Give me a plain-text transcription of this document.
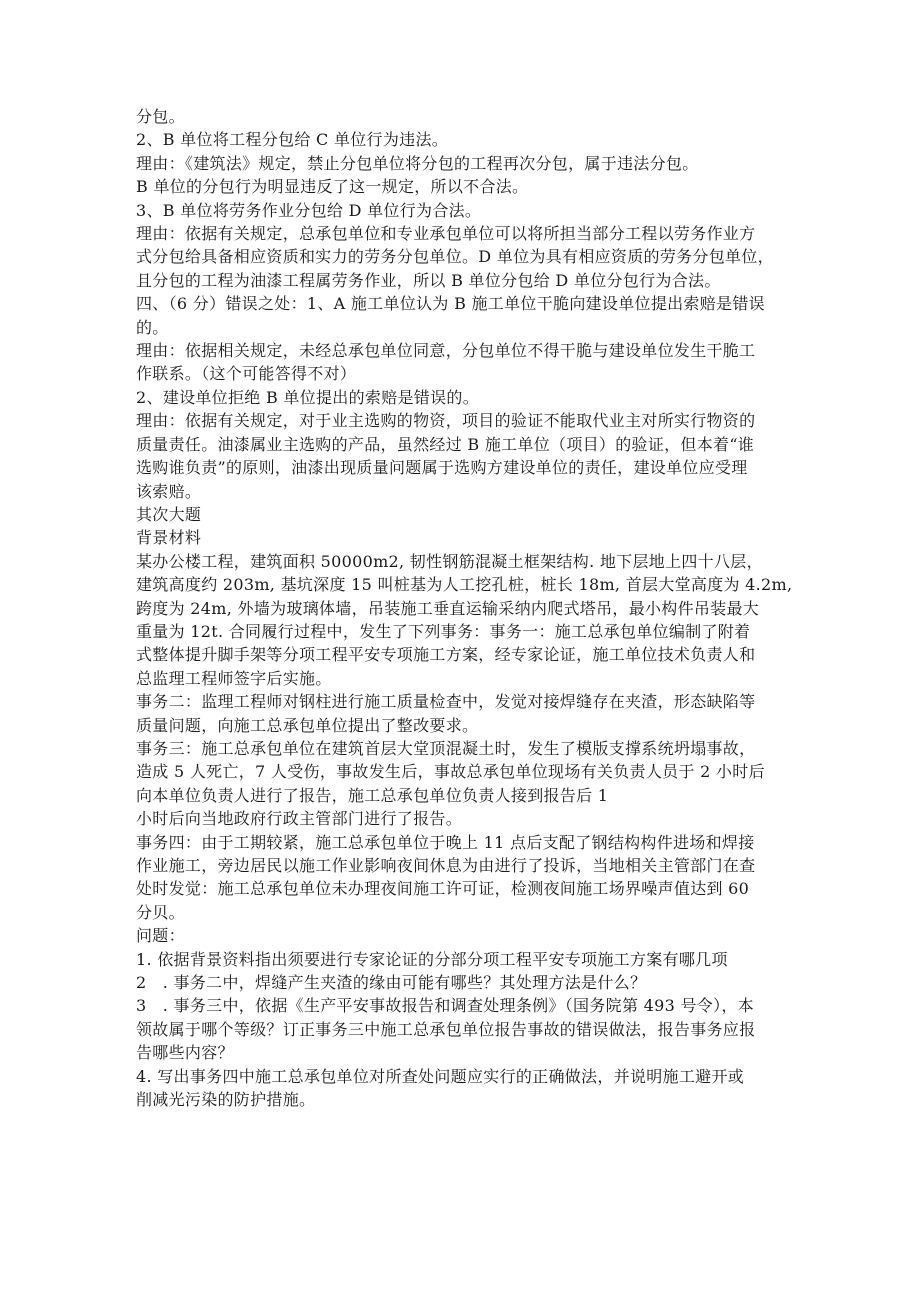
分包。
2、B 单位将工程分包给 C 单位行为违法。
理由：《建筑法》规定，禁止分包单位将分包的工程再次分包，属于违法分包。
B 单位的分包行为明显违反了这一规定，所以不合法。
3、B 单位将劳务作业分包给 D 单位行为合法。
理由：依据有关规定，总承包单位和专业承包单位可以将所担当部分工程以劳务作业方
式分包给具备相应资质和实力的劳务分包单位。D 单位为具有相应资质的劳务分包单位，
且分包的工程为油漆工程属劳务作业，所以 B 单位分包给 D 单位分包行为合法。
四、（6 分）错误之处：1、A 施工单位认为 B 施工单位干脆向建设单位提出索赔是错误
的。
理由：依据相关规定，未经总承包单位同意，分包单位不得干脆与建设单位发生干脆工
作联系。（这个可能答得不对）
2、建设单位拒绝 B 单位提出的索赔是错误的。
理由：依据有关规定，对于业主选购的物资，项目的验证不能取代业主对所实行物资的
质量责任。油漆属业主选购的产品，虽然经过 B 施工单位（项目）的验证，但本着“谁
选购谁负责”的原则，油漆出现质量问题属于选购方建设单位的责任，建设单位应受理
该索赔。
其次大题
背景材料
某办公楼工程，建筑面积 50000m2, 韧性钢筋混凝土框架结构. 地下层地上四十八层，
建筑高度约 203m, 基坑深度 15 叫桩基为人工挖孔桩，桩长 18m, 首层大堂高度为 4.2m,
跨度为 24m, 外墙为玻璃体墙，吊装施工垂直运输采纳内爬式塔吊，最小构件吊装最大
重量为 12t. 合同履行过程中，发生了下列事务：事务一：施工总承包单位编制了附着
式整体提升脚手架等分项工程平安专项施工方案，经专家论证，施工单位技术负责人和
总监理工程师签字后实施。
事务二：监理工程师对钢柱进行施工质量检查中，发觉对接焊缝存在夹渣，形态缺陷等
质量问题，向施工总承包单位提出了整改要求。
事务三：施工总承包单位在建筑首层大堂顶混凝土时，发生了模版支撑系统坍塌事故，
造成 5 人死亡，7 人受伤，事故发生后，事故总承包单位现场有关负责人员于 2 小时后
向本单位负责人进行了报告，施工总承包单位负责人接到报告后 1
小时后向当地政府行政主管部门进行了报告。
事务四：由于工期较紧，施工总承包单位于晚上 11 点后支配了钢结构构件进场和焊接
作业施工，旁边居民以施工作业影响夜间休息为由进行了投诉，当地相关主管部门在查
处时发觉：施工总承包单位未办理夜间施工许可证，检测夜间施工场界噪声值达到 60
分贝。
问题：
1. 依据背景资料指出须要进行专家论证的分部分项工程平安专项施工方案有哪几项
2　. 事务二中，焊缝产生夹渣的缘由可能有哪些？其处理方法是什么？
3　. 事务三中，依据《生产平安事故报告和调查处理条例》（国务院第 493 号令），本
领故属于哪个等级？订正事务三中施工总承包单位报告事故的错误做法，报告事务应报
告哪些内容？
4. 写出事务四中施工总承包单位对所查处问题应实行的正确做法，并说明施工避开或
削减光污染的防护措施。
